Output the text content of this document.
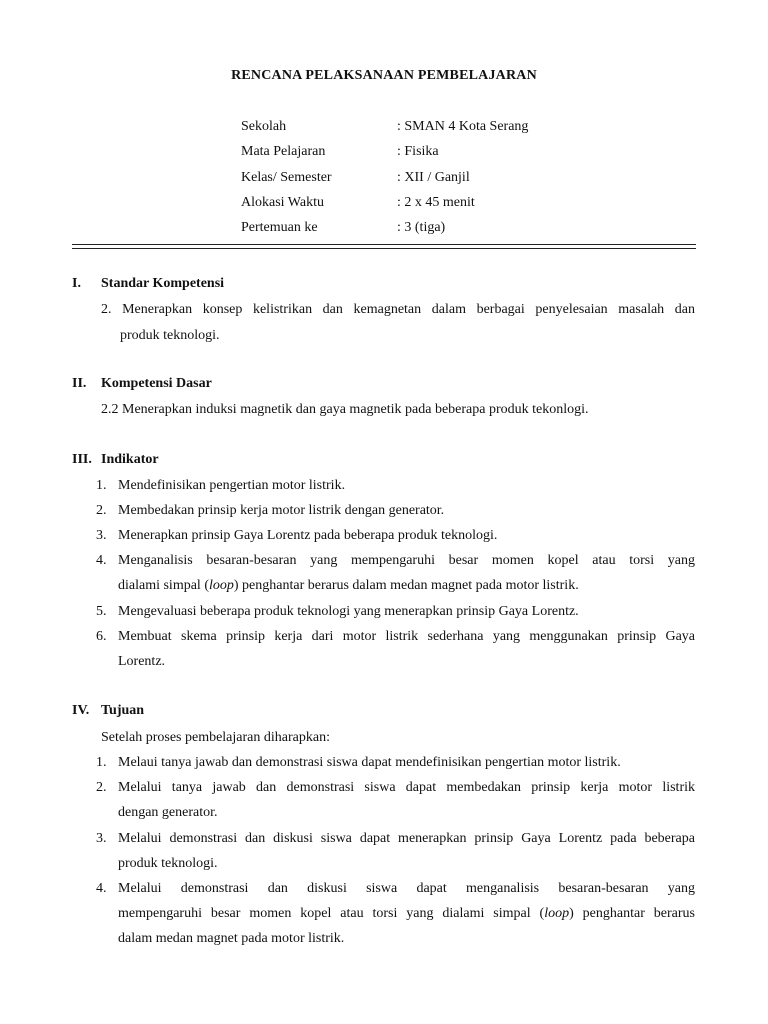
RENCANA PELAKSANAAN PEMBELAJARAN
Sekolah	: SMAN 4 Kota Serang
Mata Pelajaran	: Fisika
Kelas/ Semester	: XII / Ganjil
Alokasi Waktu	: 2 x 45 menit
Pertemuan ke	: 3 (tiga)
I. Standar Kompetensi
2. Menerapkan konsep kelistrikan dan kemagnetan dalam berbagai penyelesaian masalah dan
produk teknologi.
II. Kompetensi Dasar
2.2 Menerapkan induksi magnetik dan gaya magnetik pada beberapa produk tekonlogi.
III. Indikator
1. Mendefinisikan pengertian motor listrik.
2. Membedakan prinsip kerja motor listrik dengan generator.
3. Menerapkan prinsip Gaya Lorentz pada beberapa produk teknologi.
4. Menganalisis besaran-besaran yang mempengaruhi besar momen kopel atau torsi yang
dialami simpal (loop) penghantar berarus dalam medan magnet pada motor listrik.
5. Mengevaluasi beberapa produk teknologi yang menerapkan prinsip Gaya Lorentz.
6. Membuat skema prinsip kerja dari motor listrik sederhana yang menggunakan prinsip Gaya
Lorentz.
IV. Tujuan
Setelah proses pembelajaran diharapkan:
1. Melaui tanya jawab dan demonstrasi siswa dapat mendefinisikan pengertian motor listrik.
2. Melalui tanya jawab dan demonstrasi siswa dapat membedakan prinsip kerja motor listrik
dengan generator.
3. Melalui demonstrasi dan diskusi siswa dapat menerapkan prinsip Gaya Lorentz pada beberapa
produk teknologi.
4. Melalui demonstrasi dan diskusi siswa dapat menganalisis besaran-besaran yang
mempengaruhi besar momen kopel atau torsi yang dialami simpal (loop) penghantar berarus
dalam medan magnet pada motor listrik.
